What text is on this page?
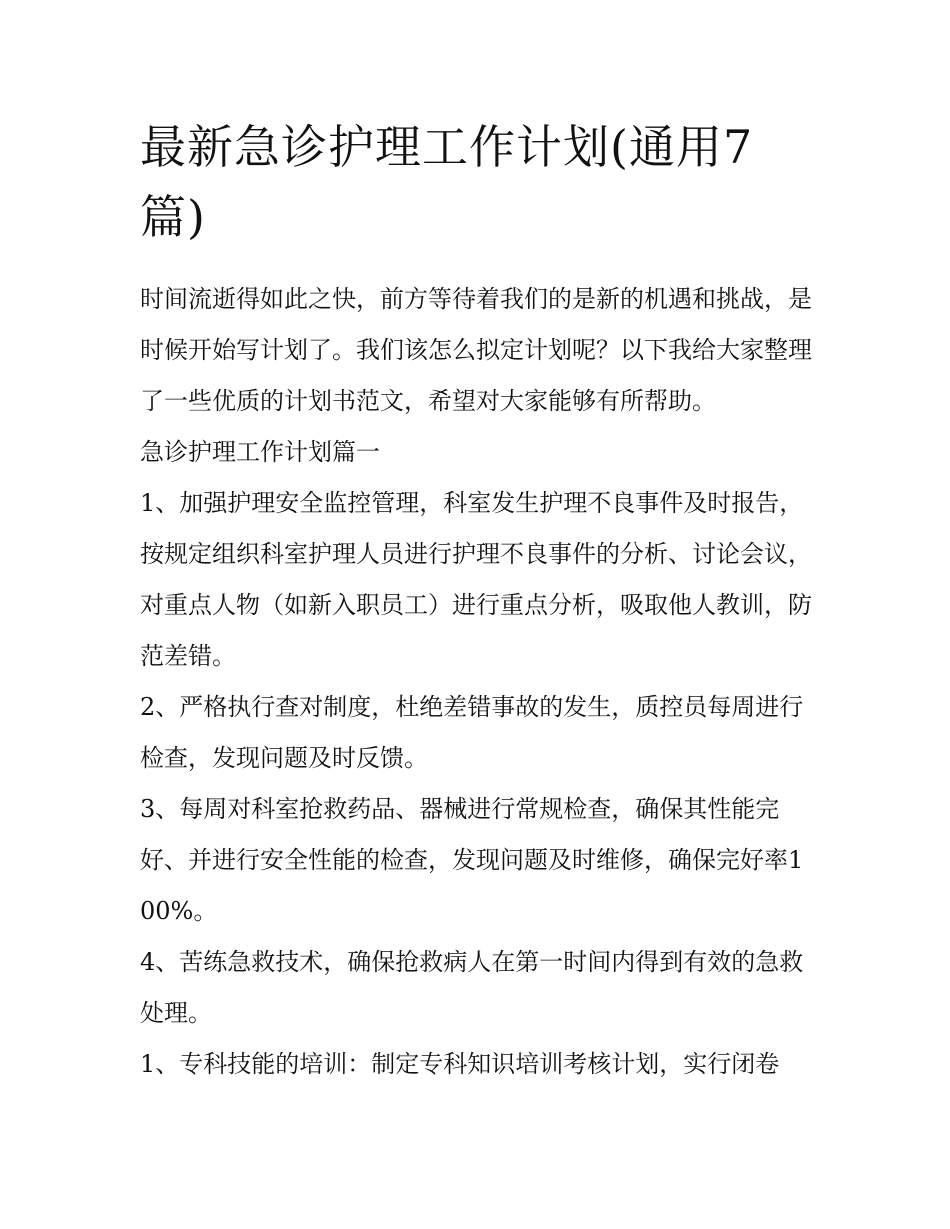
最新急诊护理工作计划(通用7篇)

时间流逝得如此之快，前方等待着我们的是新的机遇和挑战，是时候开始写计划了。我们该怎么拟定计划呢？以下我给大家整理了一些优质的计划书范文，希望对大家能够有所帮助。

急诊护理工作计划篇一

1、加强护理安全监控管理，科室发生护理不良事件及时报告，按规定组织科室护理人员进行护理不良事件的分析、讨论会议，对重点人物（如新入职员工）进行重点分析，吸取他人教训，防范差错。

2、严格执行查对制度，杜绝差错事故的发生，质控员每周进行检查，发现问题及时反馈。

3、每周对科室抢救药品、器械进行常规检查，确保其性能完好、并进行安全性能的检查，发现问题及时维修，确保完好率100%。

4、苦练急救技术，确保抢救病人在第一时间内得到有效的急救处理。

1、专科技能的培训：制定专科知识培训考核计划，实行闭卷
